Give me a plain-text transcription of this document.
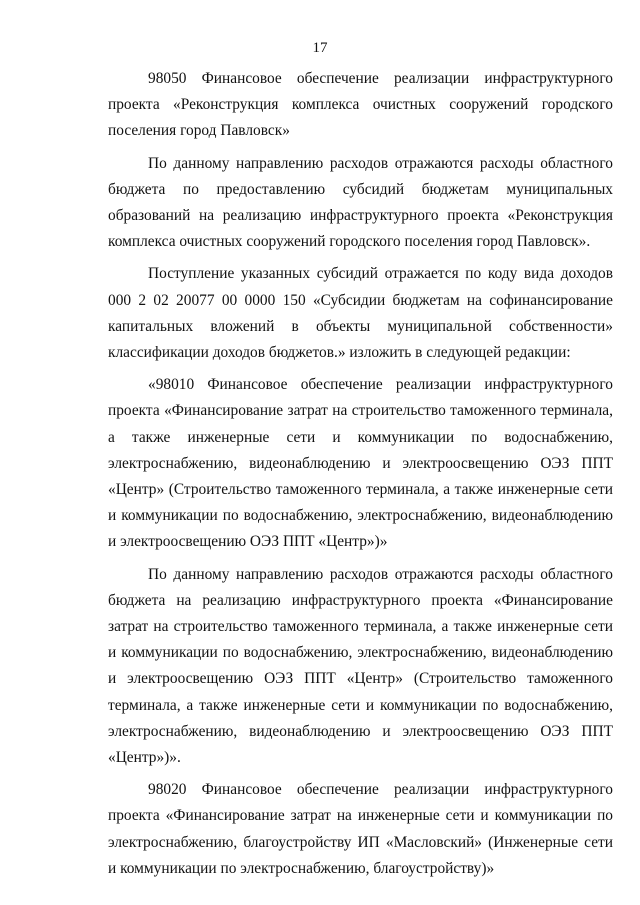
17

98050 Финансовое обеспечение реализации инфраструктурного проекта «Реконструкция комплекса очистных сооружений городского поселения город Павловск»

По данному направлению расходов отражаются расходы областного бюджета по предоставлению субсидий бюджетам муниципальных образований на реализацию инфраструктурного проекта «Реконструкция комплекса очистных сооружений городского поселения город Павловск».

Поступление указанных субсидий отражается по коду вида доходов 000 2 02 20077 00 0000 150 «Субсидии бюджетам на софинансирование капитальных вложений в объекты муниципальной собственности» классификации доходов бюджетов.» изложить в следующей редакции:

«98010 Финансовое обеспечение реализации инфраструктурного проекта «Финансирование затрат на строительство таможенного терминала, а также инженерные сети и коммуникации по водоснабжению, электроснабжению, видеонаблюдению и электроосвещению ОЭЗ ППТ «Центр» (Строительство таможенного терминала, а также инженерные сети и коммуникации по водоснабжению, электроснабжению, видеонаблюдению и электроосвещению ОЭЗ ППТ «Центр»)»

По данному направлению расходов отражаются расходы областного бюджета на реализацию инфраструктурного проекта «Финансирование затрат на строительство таможенного терминала, а также инженерные сети и коммуникации по водоснабжению, электроснабжению, видеонаблюдению и электроосвещению ОЭЗ ППТ «Центр» (Строительство таможенного терминала, а также инженерные сети и коммуникации по водоснабжению, электроснабжению, видеонаблюдению и электроосвещению ОЭЗ ППТ «Центр»)».

98020 Финансовое обеспечение реализации инфраструктурного проекта «Финансирование затрат на инженерные сети и коммуникации по электроснабжению, благоустройству ИП «Масловский» (Инженерные сети и коммуникации по электроснабжению, благоустройству)»
